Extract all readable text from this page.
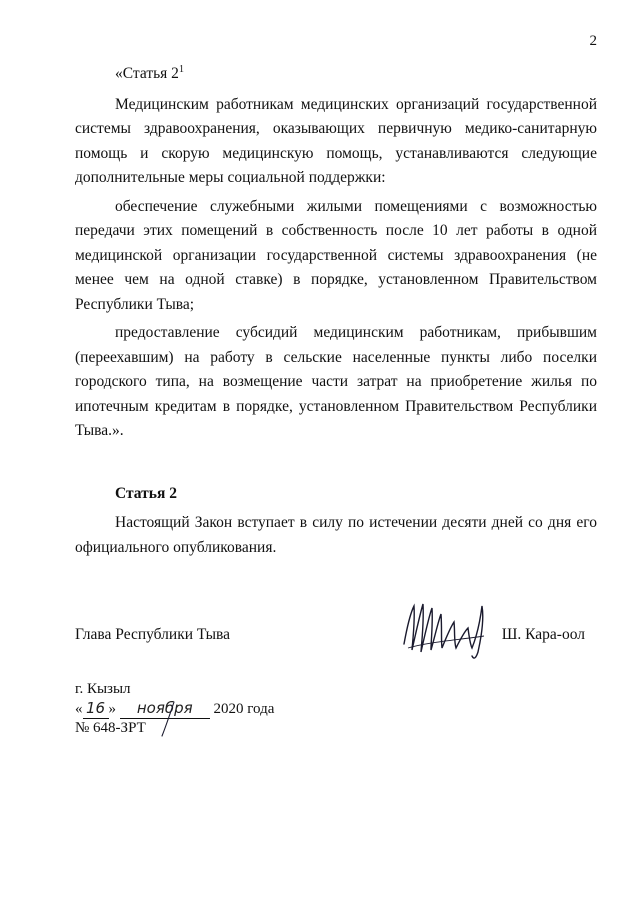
2

«Статья $2^1$

Медицинским работникам медицинских организаций государственной системы здравоохранения, оказывающих первичную медико-санитарную помощь и скорую медицинскую помощь, устанавливаются следующие дополнительные меры социальной поддержки:

обеспечение служебными жилыми помещениями с возможностью передачи этих помещений в собственность после 10 лет работы в одной медицинской организации государственной системы здравоохранения (не менее чем на одной ставке) в порядке, установленном Правительством Республики Тыва;

предоставление субсидий медицинским работникам, прибывшим (переехавшим) на работу в сельские населенные пункты либо поселки городского типа, на возмещение части затрат на приобретение жилья по ипотечным кредитам в порядке, установленном Правительством Республики Тыва.».

Статья 2

Настоящий Закон вступает в силу по истечении десяти дней со дня его официального опубликования.

Глава Республики Тыва	Ш. Кара-оол
г. Кызыл
« 16 » ноября 2020 года
№ 648-ЗРТ
